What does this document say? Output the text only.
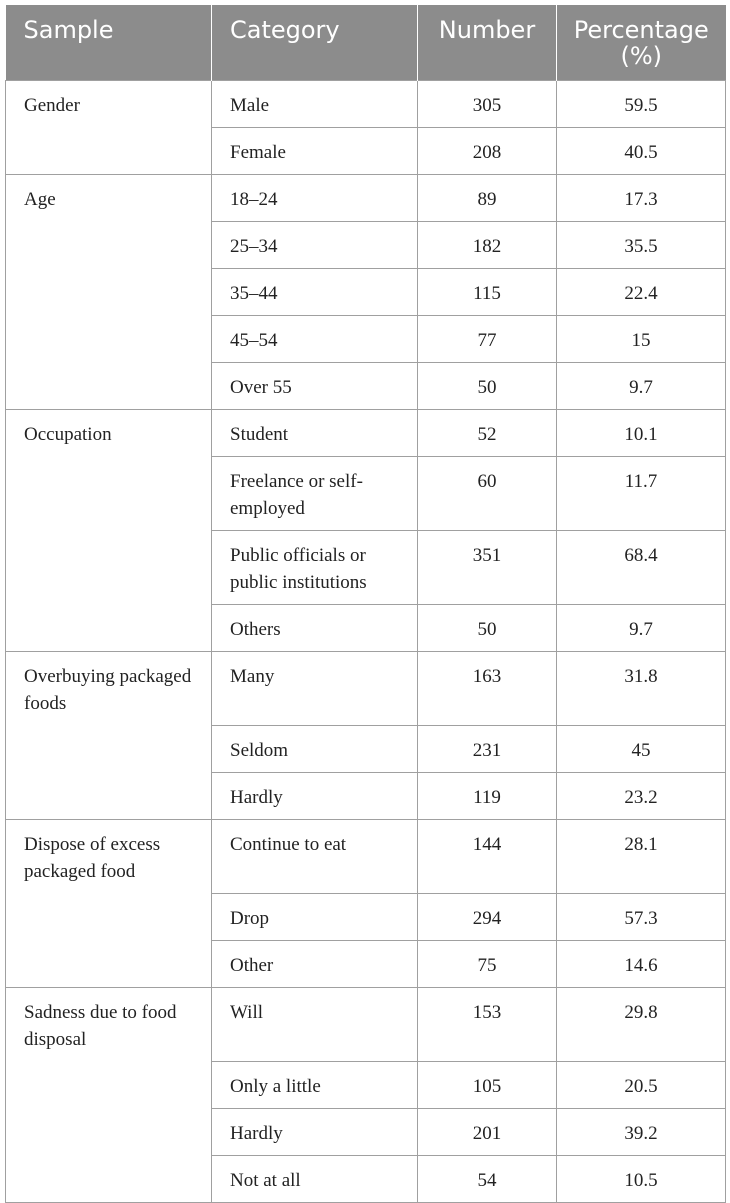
Sample	Category	Number	Percentage
(%)

Gender	Male	305	59.5
	Female	208	40.5
Age	18–24	89	17.3
	25–34	182	35.5
	35–44	115	22.4
	45–54	77	15
	Over 55	50	9.7
Occupation	Student	52	10.1
	Freelance or self-employed	60	11.7
	Public officials or public institutions	351	68.4
	Others	50	9.7
Overbuying packaged foods	Many	163	31.8
	Seldom	231	45
	Hardly	119	23.2
Dispose of excess packaged food	Continue to eat	144	28.1
	Drop	294	57.3
	Other	75	14.6
Sadness due to food disposal	Will	153	29.8
	Only a little	105	20.5
	Hardly	201	39.2
	Not at all	54	10.5
